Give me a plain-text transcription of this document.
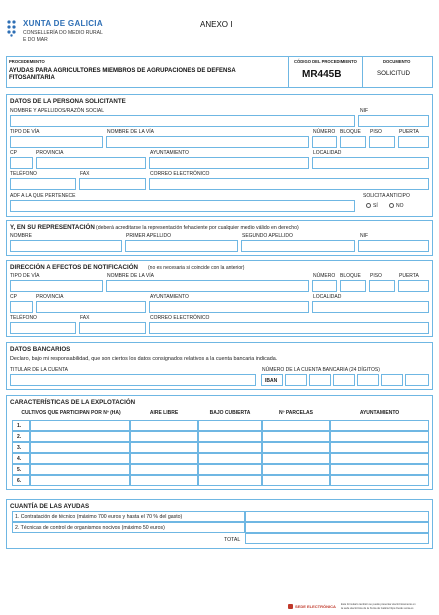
XUNTA DE GALICIA
CONSELLERÍA DO MEDIO RURAL
E DO MAR
ANEXO I
PROCEDEMENTO
AYUDAS PARA AGRICULTORES MIEMBROS DE AGRUPACIONES DE DEFENSA FITOSANITARIA
CÓDIGO DEL PROCEDIMIENTO
MR445B
DOCUMENTO
SOLICITUD
DATOS DE LA PERSONA SOLICITANTE
NOMBRE Y APELLIDOS/RAZÓN SOCIAL	NIF
TIPO DE VÍA	NOMBRE DE LA VÍA	NÚMERO BLOQUE PISO	PUERTA
CP	PROVINCIA	AYUNTAMIENTO	LOCALIDAD
TELÉFONO	FAX	CORREO ELECTRÓNICO
ADF A LA QUE PERTENECE	SOLICITA ANTICIPO
SÍ	NO
Y, EN SU REPRESENTACIÓN (deberá acreditarse la representación fehaciente por cualquier medio válido en derecho)
NOMBRE	PRIMER APELLIDO	SEGUNDO APELLIDO	NIF
DIRECCIÓN A EFECTOS DE NOTIFICACIÓN (no es necesaria si coincide con la anterior)
TIPO DE VÍA	NOMBRE DE LA VÍA	NÚMERO BLOQUE PISO	PUERTA
CP	PROVINCIA	AYUNTAMIENTO	LOCALIDAD
TELÉFONO	FAX	CORREO ELECTRÓNICO
DATOS BANCARIOS
Declaro, bajo mi responsabilidad, que son ciertos los datos consignados relativos a la cuenta bancaria indicada.
TITULAR DE LA CUENTA	NÚMERO DE LA CUENTA BANCARIA (24 DÍGITOS)
IBAN
CARACTERÍSTICAS DE LA EXPLOTACIÓN
CULTIVOS QUE PARTICIPAN POR Nº (HA)	AIRE LIBRE	BAJO CUBIERTA	Nº PARCELAS	AYUNTAMIENTO
1.
2.
3.
4.
5.
6.
CUANTÍA DE LAS AYUDAS
1. Contratación de técnico (máximo 700 euros y hasta el 70 % del gasto)
2. Técnicas de control de organismos nocivos (máximo 50 euros)
TOTAL
SEDE ELECTRÓNICA Este formulario también se puede presentar electrónicamente en
la sede electrónica de la Xunta de Galicia https://sede.xunta.es
